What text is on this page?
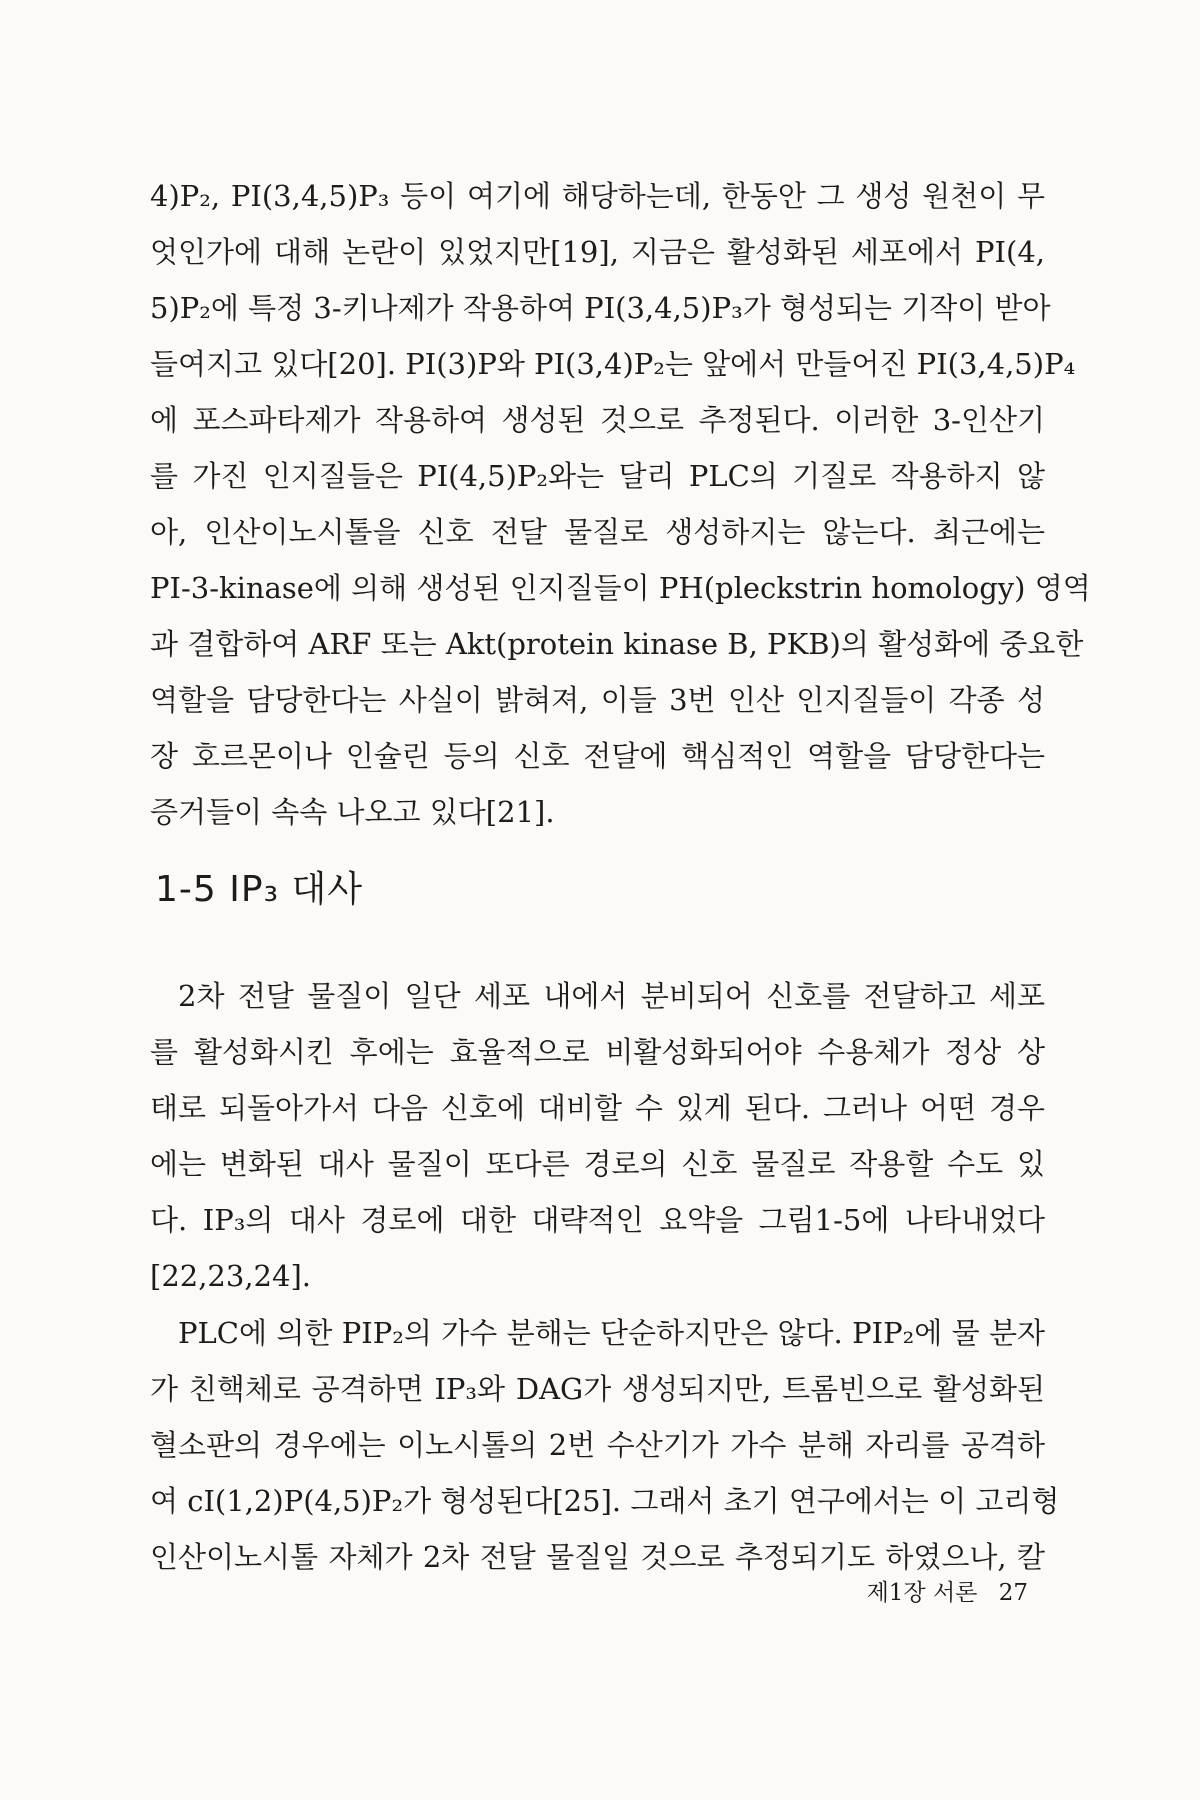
4)P₂, PI(3,4,5)P₃ 등이 여기에 해당하는데, 한동안 그 생성 원천이 무
엇인가에 대해 논란이 있었지만[19], 지금은 활성화된 세포에서 PI(4,
5)P₂에 특정 3-키나제가 작용하여 PI(3,4,5)P₃가 형성되는 기작이 받아
들여지고 있다[20]. PI(3)P와 PI(3,4)P₂는 앞에서 만들어진 PI(3,4,5)P₄
에 포스파타제가 작용하여 생성된 것으로 추정된다. 이러한 3-인산기
를 가진 인지질들은 PI(4,5)P₂와는 달리 PLC의 기질로 작용하지 않
아, 인산이노시톨을 신호 전달 물질로 생성하지는 않는다. 최근에는
PI-3-kinase에 의해 생성된 인지질들이 PH(pleckstrin homology) 영역
과 결합하여 ARF 또는 Akt(protein kinase B, PKB)의 활성화에 중요한
역할을 담당한다는 사실이 밝혀져, 이들 3번 인산 인지질들이 각종 성
장 호르몬이나 인슐린 등의 신호 전달에 핵심적인 역할을 담당한다는
증거들이 속속 나오고 있다[21].
1-5 IP₃ 대사
2차 전달 물질이 일단 세포 내에서 분비되어 신호를 전달하고 세포
를 활성화시킨 후에는 효율적으로 비활성화되어야 수용체가 정상 상
태로 되돌아가서 다음 신호에 대비할 수 있게 된다. 그러나 어떤 경우
에는 변화된 대사 물질이 또다른 경로의 신호 물질로 작용할 수도 있
다. IP₃의 대사 경로에 대한 대략적인 요약을 그림1-5에 나타내었다
[22,23,24].
PLC에 의한 PIP₂의 가수 분해는 단순하지만은 않다. PIP₂에 물 분자
가 친핵체로 공격하면 IP₃와 DAG가 생성되지만, 트롬빈으로 활성화된
혈소판의 경우에는 이노시톨의 2번 수산기가 가수 분해 자리를 공격하
여 cI(1,2)P(4,5)P₂가 형성된다[25]. 그래서 초기 연구에서는 이 고리형
인산이노시톨 자체가 2차 전달 물질일 것으로 추정되기도 하였으나, 칼
제1장 서론 27
